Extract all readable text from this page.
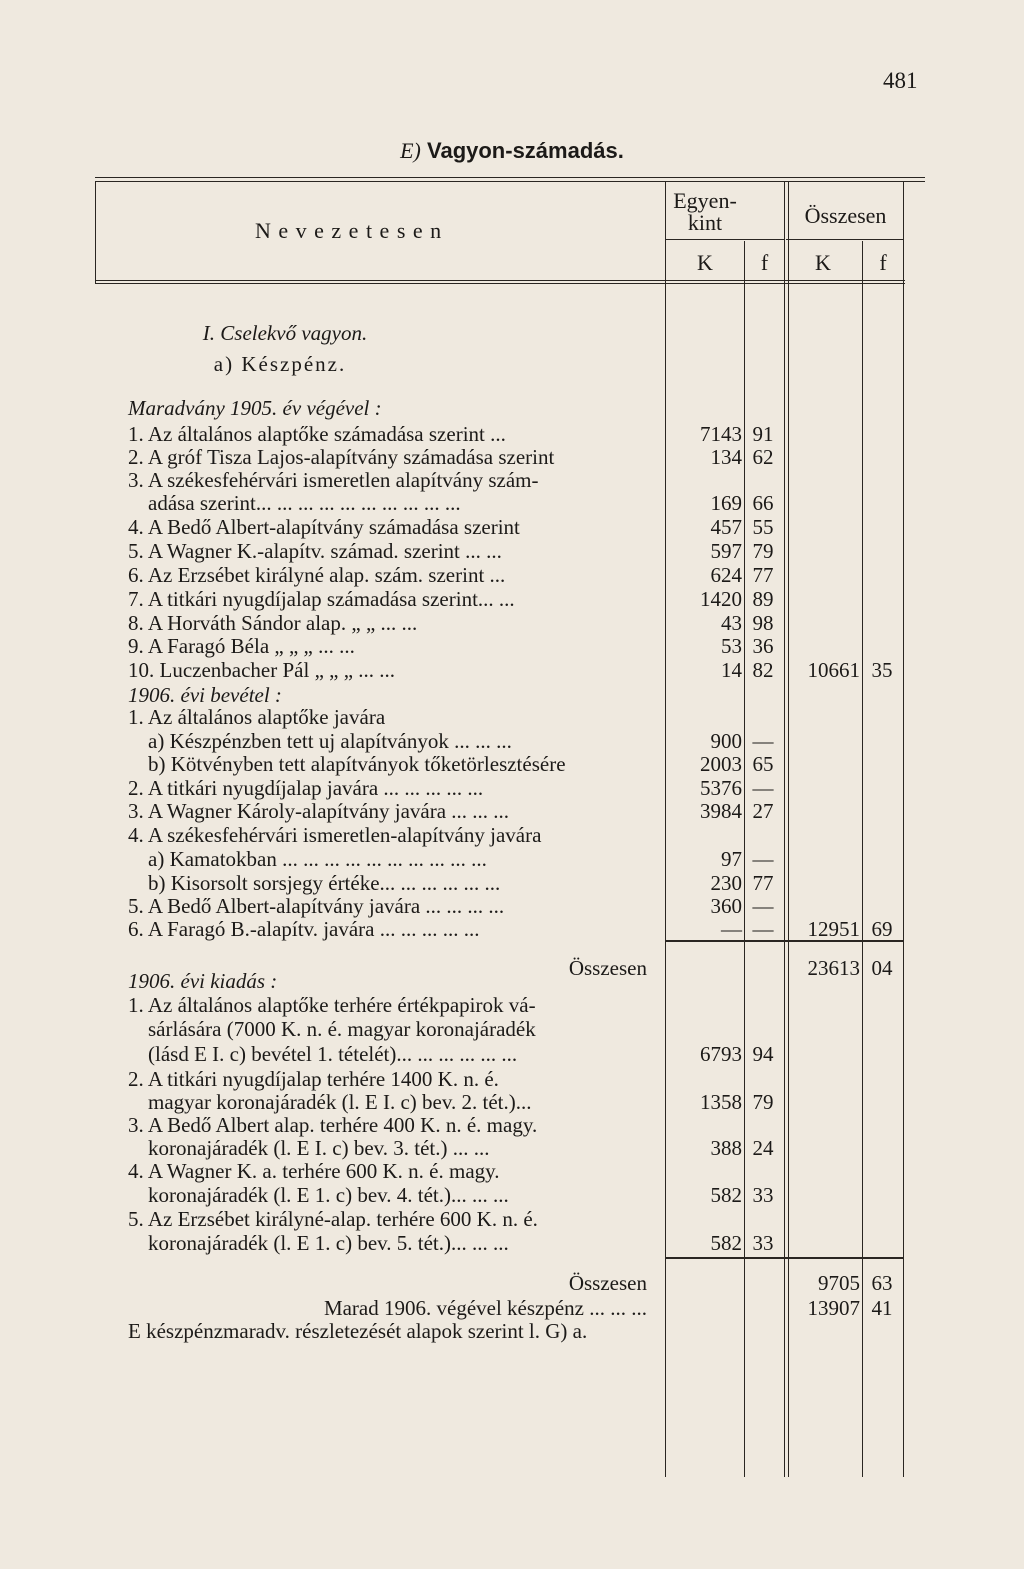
481
E) Vagyon-számadás.
N e v e z e t e s e n
Egyen-
kint	Összesen
K	f	K	f
I. Cselekvő vagyon.
a) Készpénz.
Maradvány 1905. év végével :
1. Az általános alaptőke számadása szerint ...	7143 91
2. A gróf Tisza Lajos-alapítvány számadása szerint	134 62
3. A székesfehérvári ismeretlen alapítvány szám-
adása szerint... ... ... ... ... ... ... ... ... ...	169 66
4. A Bedő Albert-alapítvány számadása szerint	457 55
5. A Wagner K.-alapítv. számad. szerint ... ...	597 79
6. Az Erzsébet királyné alap. szám. szerint ...	624 77
7. A titkári nyugdíjalap számadása szerint... ...	1420 89
8. A Horváth Sándor alap. „ „ ... ...	43 98
9. A Faragó Béla „ „ „ ... ...	53 36
10. Luczenbacher Pál „ „ „ ... ...	14 82	10661 35
1906. évi bevétel :
1. Az általános alaptőke javára
a) Készpénzben tett uj alapítványok ... ... ...	900 —
b) Kötvényben tett alapítványok tőketörlesztésére	2003 65
2. A titkári nyugdíjalap javára ... ... ... ... ...	5376 —
3. A Wagner Károly-alapítvány javára ... ... ...	3984 27
4. A székesfehérvári ismeretlen-alapítvány javára
a) Kamatokban ... ... ... ... ... ... ... ... ... ...	97 —
b) Kisorsolt sorsjegy értéke... ... ... ... ... ...	230 77
5. A Bedő Albert-alapítvány javára ... ... ... ...	360 —
6. A Faragó B.-alapítv. javára ... ... ... ... ...	— —	12951 69
Összesen	23613 04
1906. évi kiadás :
1. Az általános alaptőke terhére értékpapirok vá-
sárlására (7000 K. n. é. magyar koronajáradék
(lásd E I. c) bevétel 1. tételét)... ... ... ... ... ...	6793 94
2. A titkári nyugdíjalap terhére 1400 K. n. é.
magyar koronajáradék (l. E I. c) bev. 2. tét.)...	1358 79
3. A Bedő Albert alap. terhére 400 K. n. é. magy.
koronajáradék (l. E I. c) bev. 3. tét.) ... ...	388 24
4. A Wagner K. a. terhére 600 K. n. é. magy.
koronajáradék (l. E 1. c) bev. 4. tét.)... ... ...	582 33
5. Az Erzsébet királyné-alap. terhére 600 K. n. é.
koronajáradék (l. E 1. c) bev. 5. tét.)... ... ...	582 33
Összesen	9705 63
Marad 1906. végével készpénz ... ... ...	13907 41
E készpénzmaradv. részletezését alapok szerint l. G) a.
